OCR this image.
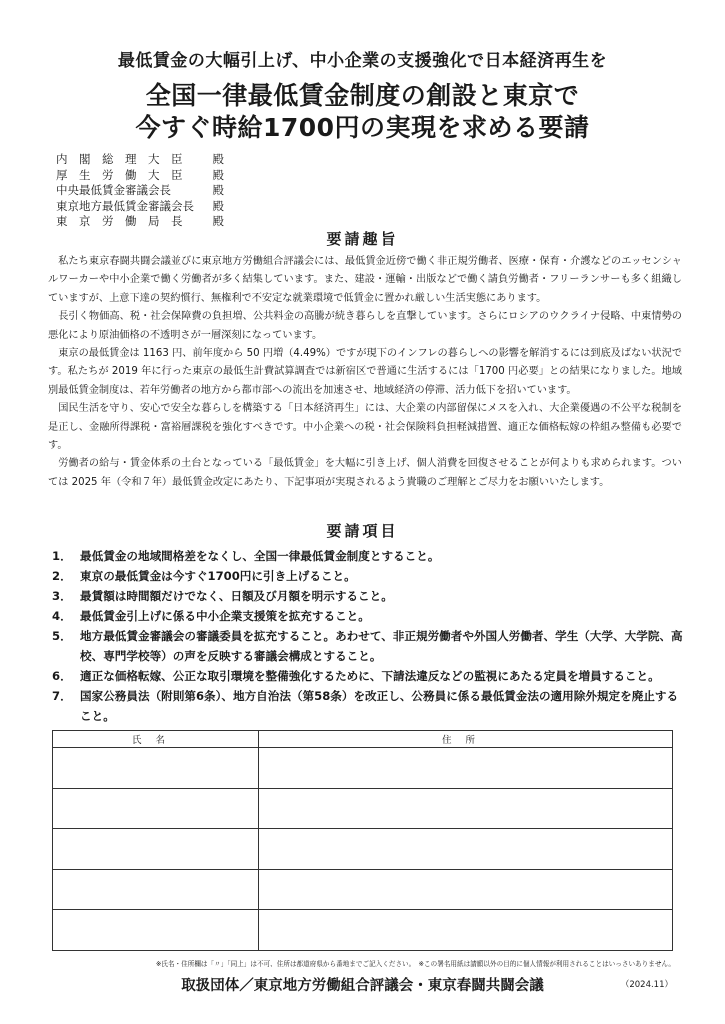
最低賃金の大幅引上げ、中小企業の支援強化で日本経済再生を
全国一律最低賃金制度の創設と東京で
今すぐ時給1700円の実現を求める要請
内　閣　総　理　大　臣	殿
厚　生　労　働　大　臣	殿
中央最低賃金審議会長	殿
東京地方最低賃金審議会長	殿
東　京　労　働　局　長	殿
要請趣旨

私たち東京春闘共闘会議並びに東京地方労働組合評議会には、最低賃金近傍で働く非正規労働者、医療・保育・介護などのエッセンシャルワーカーや中小企業で働く労働者が多く結集しています。また、建設・運輸・出版などで働く請負労働者・フリーランサーも多く組織していますが、上意下達の契約慣行、無権利で不安定な就業環境で低賃金に置かれ厳しい生活実態にあります。

長引く物価高、税・社会保障費の負担増、公共料金の高騰が続き暮らしを直撃しています。さらにロシアのウクライナ侵略、中東情勢の悪化により原油価格の不透明さが一層深刻になっています。

東京の最低賃金は 1163 円、前年度から 50 円増（4.49%）ですが現下のインフレの暮らしへの影響を解消するには到底及ばない状況です。私たちが 2019 年に行った東京の最低生計費試算調査では新宿区で普通に生活するには「1700 円必要」との結果になりました。地域別最低賃金制度は、若年労働者の地方から都市部への流出を加速させ、地域経済の停滞、活力低下を招いています。

国民生活を守り、安心で安全な暮らしを構築する「日本経済再生」には、大企業の内部留保にメスを入れ、大企業優遇の不公平な税制を是正し、金融所得課税・富裕層課税を強化すべきです。中小企業への税・社会保険料負担軽減措置、適正な価格転嫁の枠組み整備も必要です。

労働者の給与・賃金体系の土台となっている「最低賃金」を大幅に引き上げ、個人消費を回復させることが何よりも求められます。ついては 2025 年（令和７年）最低賃金改定にあたり、下記事項が実現されるよう貴職のご理解とご尽力をお願いいたします。

要請項目
1． 最低賃金の地域間格差をなくし、全国一律最低賃金制度とすること。
2． 東京の最低賃金は今すぐ1700円に引き上げること。
3． 最賃額は時間額だけでなく、日額及び月額を明示すること。
4． 最低賃金引上げに係る中小企業支援策を拡充すること。
5． 地方最低賃金審議会の審議委員を拡充すること。あわせて、非正規労働者や外国人労働者、学生（大学、大学院、高校、専門学校等）の声を反映する審議会構成とすること。
6． 適正な価格転嫁、公正な取引環境を整備強化するために、下請法違反などの監視にあたる定員を増員すること。
7． 国家公務員法（附則第6条）、地方自治法（第58条）を改正し、公務員に係る最低賃金法の適用除外規定を廃止すること。
氏名	住所

※氏名・住所欄は「〃」「同上」は不可、住所は都道府県から番地までご記入ください。　※この署名用紙は請願以外の目的に個人情報が利用されることはいっさいありません。
取扱団体／東京地方労働組合評議会・東京春闘共闘会議	（2024.11）
